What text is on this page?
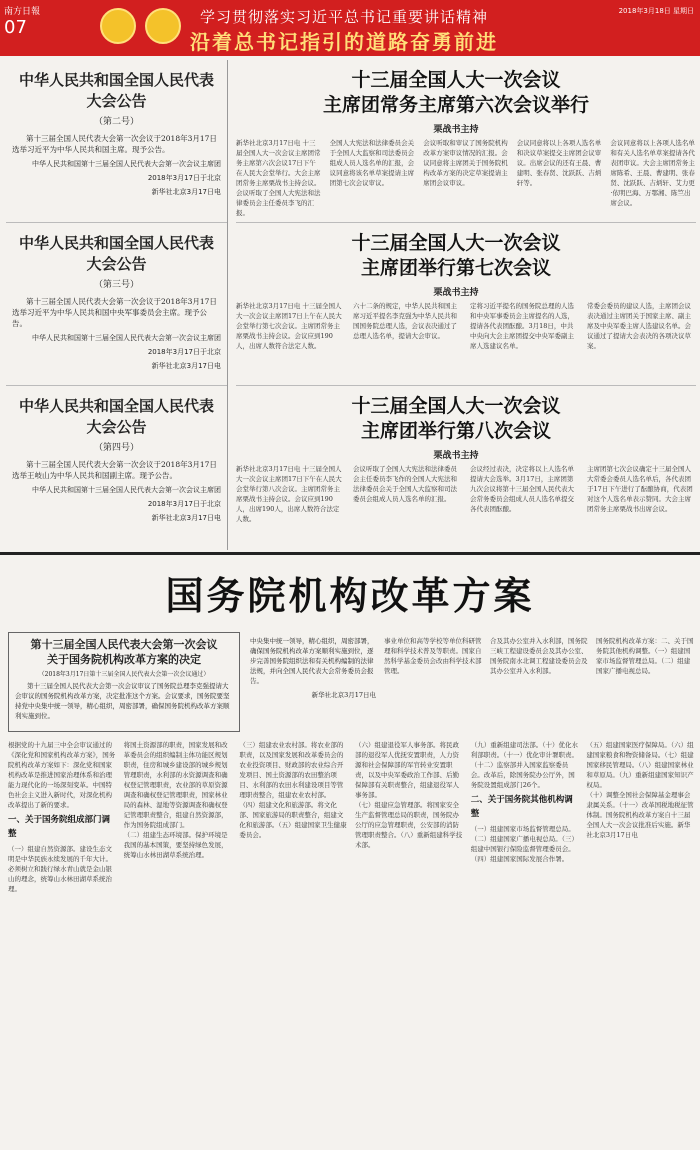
南方日報
07
	学习贯彻落实习近平总书记重要讲话精神
沿着总书记指引的道路奋勇前进
2018年3月18日 星期日
中华人民共和国全国人民代表大会公告
（第二号）

第十三届全国人民代表大会第一次会议于2018年3月17日选举习近平为中华人民共和国主席。现予公告。

中华人民共和国第十三届全国人民代表大会第一次会议主席团
2018年3月17日于北京
新华社北京3月17日电
中华人民共和国全国人民代表大会公告
（第三号）

第十三届全国人民代表大会第一次会议于2018年3月17日选举习近平为中华人民共和国中央军事委员会主席。现予公告。

中华人民共和国第十三届全国人民代表大会第一次会议主席团
2018年3月17日于北京
新华社北京3月17日电
中华人民共和国全国人民代表大会公告
（第四号）

第十三届全国人民代表大会第一次会议于2018年3月17日选举王岐山为中华人民共和国副主席。现予公告。

中华人民共和国第十三届全国人民代表大会第一次会议主席团
2018年3月17日于北京
新华社北京3月17日电
十三届全国人大一次会议
主席团常务主席第六次会议举行
栗战书主持

新华社北京3月17日电 十三届全国人大一次会议主席团常务主席第六次会议17日下午在人民大会堂举行。大会主席团常务主席栗战书主持会议。会议听取了全国人大宪法和法律委员会主任委员李飞的汇报。

全国人大宪法和法律委员会关于全国人大监察和司法委员会组成人员人选名单的汇报，会议同意将该名单草案提请主席团第七次会议审议。

会议听取和审议了国务院机构改革方案审议情况的汇报。会议同意将主席团关于国务院机构改革方案的决定草案提请主席团会议审议。

会议同意将以上各项人选名单和决议草案提交主席团会议审议。出席会议的还有王晨、曹建明、张春贤、沈跃跃、吉炳轩等。

会议同意将以上各项人选名单和有关人选名单草案提请各代表团审议。大会主席团常务主席陈希、王晨、曹建明、张春贤、沈跃跃、吉炳轩、艾力更·依明巴海、万鄂湘、陈竺出席会议。

十三届全国人大一次会议
主席团举行第七次会议
栗战书主持

新华社北京3月17日电 十三届全国人大一次会议主席团17日上午在人民大会堂举行第七次会议。主席团常务主席栗战书主持会议。会议应到190人，出席人数符合法定人数。

六十二条的规定，中华人民共和国主席习近平提名李克强为中华人民共和国国务院总理人选，会议表决通过了总理人选名单，提请大会审议。

定将习近平提名的国务院总理的人选和中央军事委员会主席提名的人选，提请各代表团酝酿。3月18日，中共中央向大会主席团提交中央军委副主席人选建议名单。

常委会委员的建议人选，主席团会议表决通过主席团关于国家主席、副主席及中央军委主席人选建议名单。会议通过了提请大会表决的各项决议草案。

十三届全国人大一次会议
主席团举行第八次会议
栗战书主持

新华社北京3月17日电 十三届全国人大一次会议主席团17日下午在人民大会堂举行第八次会议。主席团常务主席栗战书主持会议。会议应到190人，出席190人，出席人数符合法定人数。

会议听取了全国人大宪法和法律委员会主任委员李飞作的全国人大宪法和法律委员会关于全国人大监察和司法委员会组成人员人选名单的汇报。

会议经过表决，决定将以上人选名单提请大会选举。3月17日，主席团第九次会议将第十三届全国人民代表大会常务委员会组成人员人选名单提交各代表团酝酿。

主席团第七次会议确定十三届全国人大常委会委员人选名单后，各代表团于17日下午进行了酝酿协商，代表团对这个人选名单表示赞同。大会主席团常务主席栗战书出席会议。

国务院机构改革方案
第十三届全国人民代表大会第一次会议
关于国务院机构改革方案的决定
（2018年3月17日第十三届全国人民代表大会第一次会议通过）

第十三届全国人民代表大会第一次会议审议了国务院总理李克强提请大会审议的国务院机构改革方案，决定批准这个方案。会议要求，国务院要坚持党中央集中统一领导，精心组织，周密部署，确保国务院机构改革方案顺利实施到位。

中央集中统一领导，精心组织，周密部署，确保国务院机构改革方案顺利实施到位，逐步完善国务院组织法和有关机构编制的法律法规，并向全国人民代表大会常务委员会报告。

新华社北京3月17日电

事业单位和高等学校等单位科研管理和科学技术普及等职责。国家自然科学基金委员会改由科学技术部管理。

合及其办公室并入水利部，国务院三峡工程建设委员会及其办公室、国务院南水北调工程建设委员会及其办公室并入水利部。

国务院机构改革方案：二、关于国务院其他机构调整。（一）组建国家市场监督管理总局。（二）组建国家广播电视总局。

根据党的十九届三中全会审议通过的《深化党和国家机构改革方案》，国务院机构改革方案如下：深化党和国家机构改革是推进国家治理体系和治理能力现代化的一场深刻变革。中国特色社会主义进入新时代，对深化机构改革提出了新的要求。

一、关于国务院组成部门调整

（一）组建自然资源部。建设生态文明是中华民族永续发展的千年大计。必须树立和践行绿水青山就是金山银山的理念，统筹山水林田湖草系统治理。

将国土资源部的职责，国家发展和改革委员会的组织编制主体功能区规划职责，住房和城乡建设部的城乡规划管理职责，水利部的水资源调查和确权登记管理职责，农业部的草原资源调查和确权登记管理职责，国家林业局的森林、湿地等资源调查和确权登记管理职责整合，组建自然资源部，作为国务院组成部门。

（二）组建生态环境部。保护环境是我国的基本国策，要坚持绿色发展，统筹山水林田湖草系统治理。

（三）组建农业农村部。将农业部的职责，以及国家发展和改革委员会的农业投资项目、财政部的农业综合开发项目、国土资源部的农田整治项目、水利部的农田水利建设项目等管理职责整合，组建农业农村部。

（四）组建文化和旅游部。将文化部、国家旅游局的职责整合，组建文化和旅游部。（五）组建国家卫生健康委员会。

（六）组建退役军人事务部。将民政部的退役军人优抚安置职责，人力资源和社会保障部的军官转业安置职责，以及中央军委政治工作部、后勤保障部有关职责整合，组建退役军人事务部。

（七）组建应急管理部。将国家安全生产监督管理总局的职责，国务院办公厅的应急管理职责，公安部的消防管理职责整合。（八）重新组建科学技术部。

（九）重新组建司法部。（十）优化水利部职责。（十一）优化审计署职责。（十二）监察部并入国家监察委员会。改革后，除国务院办公厅外，国务院设置组成部门26个。

二、关于国务院其他机构调整

（一）组建国家市场监督管理总局。（二）组建国家广播电视总局。（三）组建中国银行保险监督管理委员会。（四）组建国家国际发展合作署。

（五）组建国家医疗保障局。（六）组建国家粮食和物资储备局。（七）组建国家移民管理局。（八）组建国家林业和草原局。（九）重新组建国家知识产权局。

（十）调整全国社会保障基金理事会隶属关系。（十一）改革国税地税征管体制。国务院机构改革方案自十三届全国人大一次会议批准后实施。新华社北京3月17日电
